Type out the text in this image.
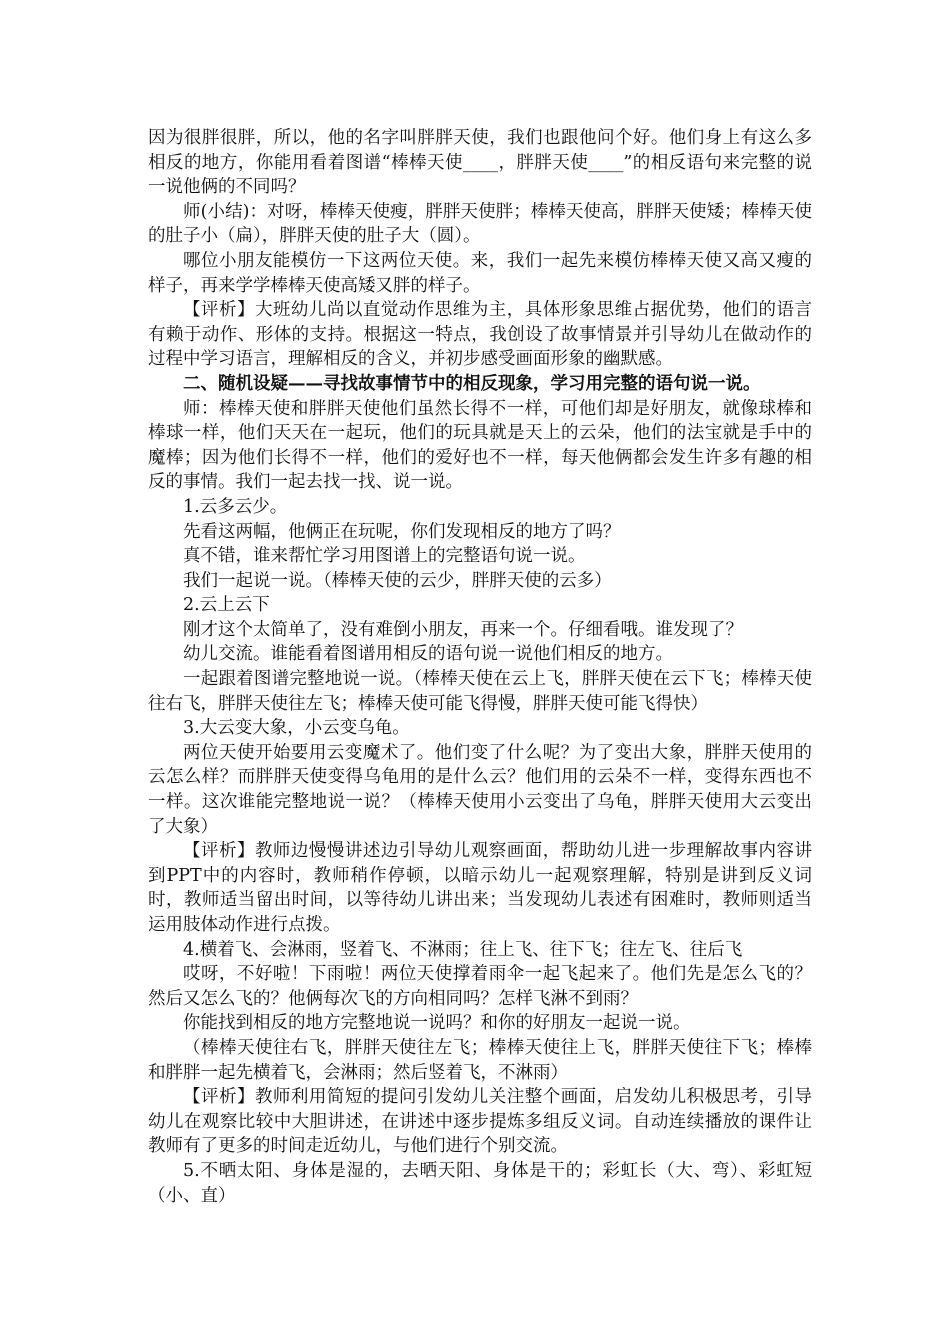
因为很胖很胖，所以，他的名字叫胖胖天使，我们也跟他问个好。他们身上有这么多相反的地方，你能用看着图谱“棒棒天使____，胖胖天使____”的相反语句来完整的说一说他俩的不同吗？

师(小结)：对呀，棒棒天使瘦，胖胖天使胖；棒棒天使高，胖胖天使矮；棒棒天使的肚子小（扁），胖胖天使的肚子大（圆）。

哪位小朋友能模仿一下这两位天使。来，我们一起先来模仿棒棒天使又高又瘦的样子，再来学学棒棒天使高矮又胖的样子。

【评析】大班幼儿尚以直觉动作思维为主，具体形象思维占据优势，他们的语言有赖于动作、形体的支持。根据这一特点，我创设了故事情景并引导幼儿在做动作的过程中学习语言，理解相反的含义，并初步感受画面形象的幽默感。

二、随机设疑——寻找故事情节中的相反现象，学习用完整的语句说一说。

师：棒棒天使和胖胖天使他们虽然长得不一样，可他们却是好朋友，就像球棒和棒球一样，他们天天在一起玩，他们的玩具就是天上的云朵，他们的法宝就是手中的魔棒；因为他们长得不一样，他们的爱好也不一样，每天他俩都会发生许多有趣的相反的事情。我们一起去找一找、说一说。

1.云多云少。

先看这两幅，他俩正在玩呢，你们发现相反的地方了吗？

真不错，谁来帮忙学习用图谱上的完整语句说一说。

我们一起说一说。（棒棒天使的云少，胖胖天使的云多）

2.云上云下

刚才这个太简单了，没有难倒小朋友，再来一个。仔细看哦。谁发现了？

幼儿交流。谁能看着图谱用相反的语句说一说他们相反的地方。

一起跟着图谱完整地说一说。（棒棒天使在云上飞，胖胖天使在云下飞；棒棒天使往右飞，胖胖天使往左飞；棒棒天使可能飞得慢，胖胖天使可能飞得快）

3.大云变大象，小云变乌龟。

两位天使开始要用云变魔术了。他们变了什么呢？为了变出大象，胖胖天使用的云怎么样？而胖胖天使变得乌龟用的是什么云？他们用的云朵不一样，变得东西也不一样。这次谁能完整地说一说？（棒棒天使用小云变出了乌龟，胖胖天使用大云变出了大象）

【评析】教师边慢慢讲述边引导幼儿观察画面，帮助幼儿进一步理解故事内容讲到PPT中的内容时，教师稍作停顿，以暗示幼儿一起观察理解，特别是讲到反义词时，教师适当留出时间，以等待幼儿讲出来；当发现幼儿表述有困难时，教师则适当运用肢体动作进行点拨。

4.横着飞、会淋雨，竖着飞、不淋雨；往上飞、往下飞；往左飞、往后飞

哎呀，不好啦！下雨啦！两位天使撑着雨伞一起飞起来了。他们先是怎么飞的？然后又怎么飞的？他俩每次飞的方向相同吗？怎样飞淋不到雨？

你能找到相反的地方完整地说一说吗？和你的好朋友一起说一说。

（棒棒天使往右飞，胖胖天使往左飞；棒棒天使往上飞，胖胖天使往下飞；棒棒和胖胖一起先横着飞，会淋雨；然后竖着飞，不淋雨）

【评析】教师利用简短的提问引发幼儿关注整个画面，启发幼儿积极思考，引导幼儿在观察比较中大胆讲述，在讲述中逐步提炼多组反义词。自动连续播放的课件让教师有了更多的时间走近幼儿，与他们进行个别交流。

5.不晒太阳、身体是湿的，去晒天阳、身体是干的；彩虹长（大、弯）、彩虹短（小、直）
